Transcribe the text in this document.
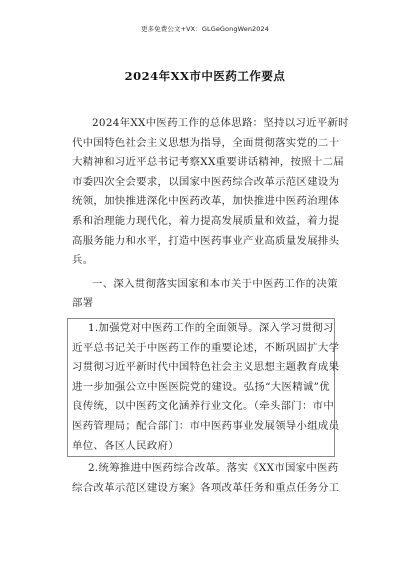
更多免费公文+VX：GLGeGongWen2024
2024年XX市中医药工作要点
2024年XX中医药工作的总体思路：坚持以习近平新时
代中国特色社会主义思想为指导，全面贯彻落实党的二十
大精神和习近平总书记考察XX重要讲话精神，按照十二届
市委四次全会要求，以国家中医药综合改革示范区建设为
统领，加快推进深化中医药改革，加快推进中医药治理体
系和治理能力现代化，着力提高发展质量和效益，着力提
高服务能力和水平，打造中医药事业产业高质量发展排头
兵。
一、深入贯彻落实国家和本市关于中医药工作的决策
部署
1.加强党对中医药工作的全面领导。深入学习贯彻习
近平总书记关于中医药工作的重要论述，不断巩固扩大学
习贯彻习近平新时代中国特色社会主义思想主题教育成果
进一步加强公立中医医院党的建设。弘扬“大医精诚”优
良传统，以中医药文化涵养行业文化。（牵头部门：市中
医药管理局；配合部门：市中医药事业发展领导小组成员
单位、各区人民政府）
2.统筹推进中医药综合改革。落实《XX市国家中医药
综合改革示范区建设方案》各项改革任务和重点任务分工
